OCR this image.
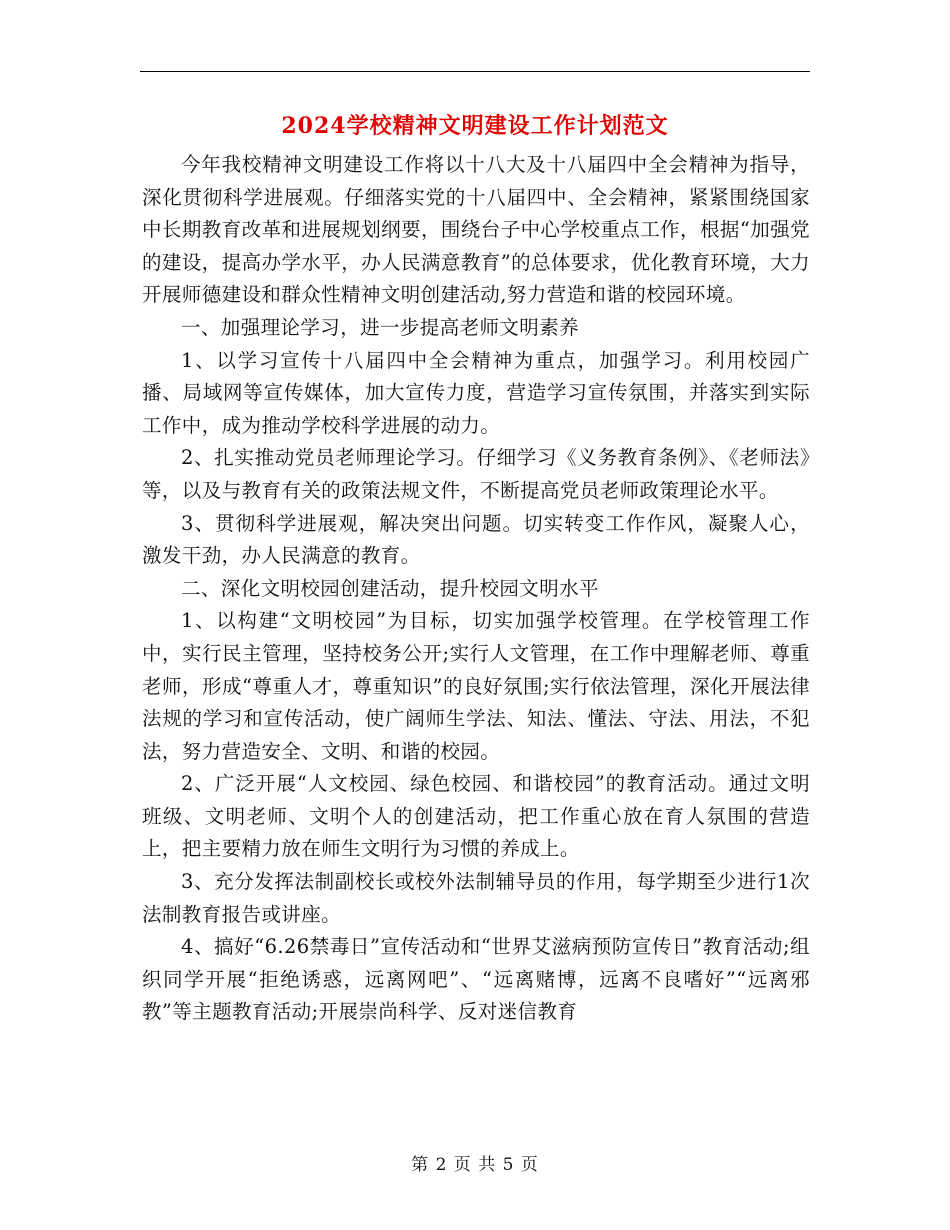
2024学校精神文明建设工作计划范文

今年我校精神文明建设工作将以十八大及十八届四中全会精神为指导，深化贯彻科学进展观。仔细落实党的十八届四中、全会精神，紧紧围绕国家中长期教育改革和进展规划纲要，围绕台子中心学校重点工作，根据“加强党的建设，提高办学水平，办人民满意教育”的总体要求，优化教育环境，大力开展师德建设和群众性精神文明创建活动,努力营造和谐的校园环境。

一、加强理论学习，进一步提高老师文明素养

1、以学习宣传十八届四中全会精神为重点，加强学习。利用校园广播、局域网等宣传媒体，加大宣传力度，营造学习宣传氛围，并落实到实际工作中，成为推动学校科学进展的动力。

2、扎实推动党员老师理论学习。仔细学习《义务教育条例》、《老师法》等，以及与教育有关的政策法规文件，不断提高党员老师政策理论水平。

3、贯彻科学进展观，解决突出问题。切实转变工作作风，凝聚人心，激发干劲，办人民满意的教育。

二、深化文明校园创建活动，提升校园文明水平

1、以构建“文明校园”为目标，切实加强学校管理。在学校管理工作中，实行民主管理，坚持校务公开;实行人文管理，在工作中理解老师、尊重老师，形成“尊重人才，尊重知识”的良好氛围;实行依法管理，深化开展法律法规的学习和宣传活动，使广阔师生学法、知法、懂法、守法、用法，不犯法，努力营造安全、文明、和谐的校园。

2、广泛开展“人文校园、绿色校园、和谐校园”的教育活动。通过文明班级、文明老师、文明个人的创建活动，把工作重心放在育人氛围的营造上，把主要精力放在师生文明行为习惯的养成上。

3、充分发挥法制副校长或校外法制辅导员的作用，每学期至少进行1次法制教育报告或讲座。

4、搞好“6.26禁毒日”宣传活动和“世界艾滋病预防宣传日”教育活动;组织同学开展“拒绝诱惑，远离网吧”、“远离赌博，远离不良嗜好”“远离邪教”等主题教育活动;开展崇尚科学、反对迷信教育

第 2 页 共 5 页
